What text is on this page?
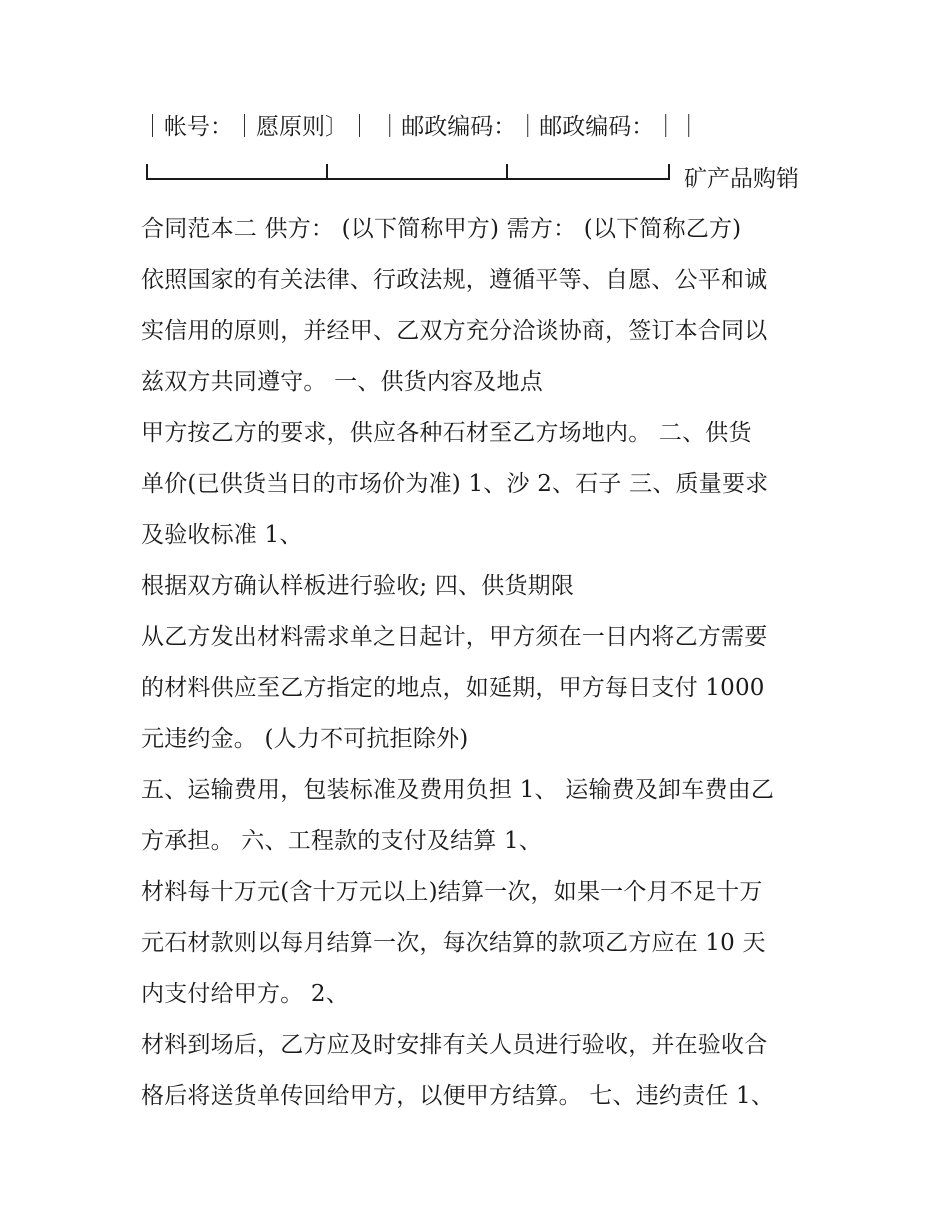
｜帐号：｜愿原则〕｜ ｜邮政编码：｜邮政编码：｜｜
矿产品购销
合同范本二 供方： (以下简称甲方) 需方： (以下简称乙方)
依照国家的有关法律、行政法规，遵循平等、自愿、公平和诚
实信用的原则，并经甲、乙双方充分洽谈协商，签订本合同以
兹双方共同遵守。 一、供货内容及地点
甲方按乙方的要求，供应各种石材至乙方场地内。 二、供货
单价(已供货当日的市场价为准) 1、沙 2、石子 三、质量要求
及验收标准 1、
根据双方确认样板进行验收; 四、供货期限
从乙方发出材料需求单之日起计，甲方须在一日内将乙方需要
的材料供应至乙方指定的地点，如延期，甲方每日支付 1000
元违约金。 (人力不可抗拒除外)
五、运输费用，包装标准及费用负担 1、 运输费及卸车费由乙
方承担。 六、工程款的支付及结算 1、
材料每十万元(含十万元以上)结算一次，如果一个月不足十万
元石材款则以每月结算一次，每次结算的款项乙方应在 10 天
内支付给甲方。 2、
材料到场后，乙方应及时安排有关人员进行验收，并在验收合
格后将送货单传回给甲方，以便甲方结算。 七、违约责任 1、
